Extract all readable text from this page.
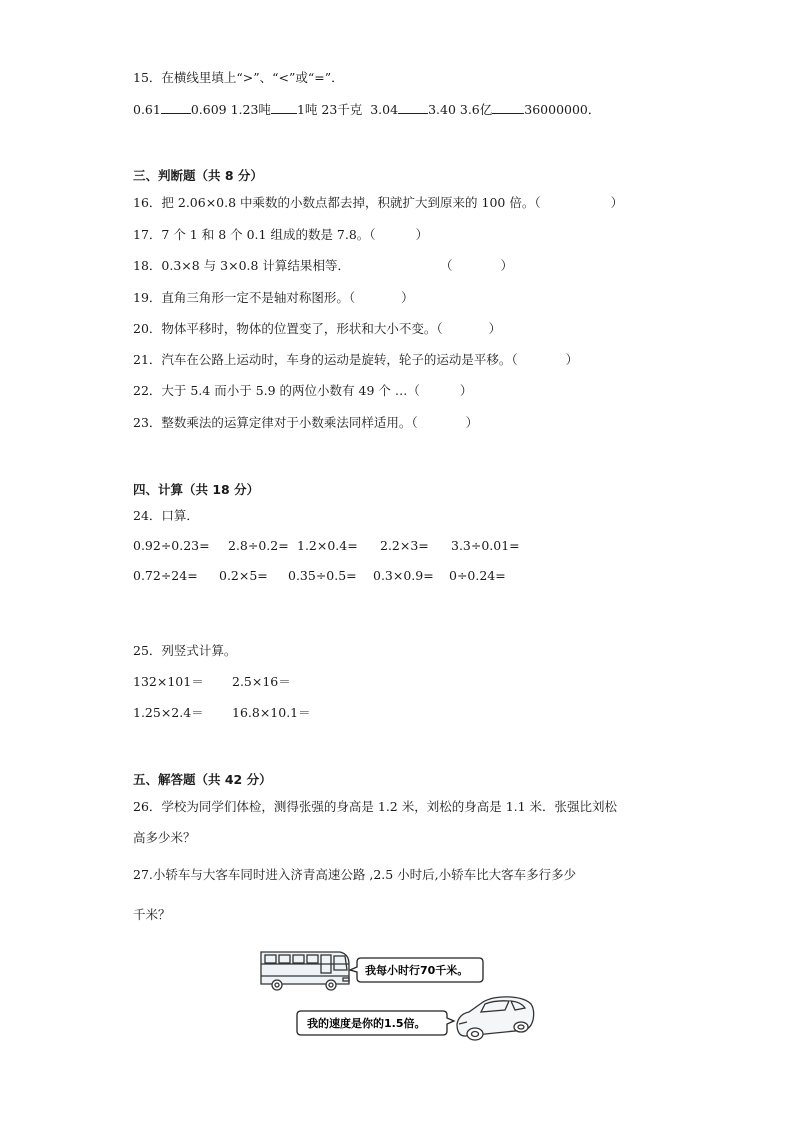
15．在横线里填上“>”、“<”或“=”．
0.61 0.609 1.23吨 1吨 23千克 3.04 3.40 3.6亿	36000000．
三、判断题（共 8 分）
16．把 2.06×0.8 中乘数的小数点都去掉，积就扩大到原来的 100 倍。（	）
17．7 个 1 和 8 个 0.1 组成的数是 7.8。（	）
18．0.3×8 与 3×0.8 计算结果相等．	（	）
19．直角三角形一定不是轴对称图形。（	）
20．物体平移时，物体的位置变了，形状和大小不变。（	）
21．汽车在公路上运动时，车身的运动是旋转，轮子的运动是平移。（	）
22．大于 5.4 而小于 5.9 的两位小数有 49 个 …（	）
23．整数乘法的运算定律对于小数乘法同样适用。（	）
四、计算（共 18 分）
24．口算．
0.92÷0.23= 2.8÷0.2= 1.2×0.4= 2.2×3= 3.3÷0.01=
0.72÷24= 0.2×5= 0.35÷0.5= 0.3×0.9= 0÷0.24=
25．列竖式计算。
132×101＝ 2.5×16＝
1.25×2.4＝ 16.8×10.1＝
五、解答题（共 42 分）
26．学校为同学们体检，测得张强的身高是 1.2 米，刘松的身高是 1.1 米．张强比刘松
高多少米？
27.小轿车与大客车同时进入济青高速公路 ,2.5 小时后,小轿车比大客车多行多少
千米？
我每小时行70千米。
我的速度是你的1.5倍。
